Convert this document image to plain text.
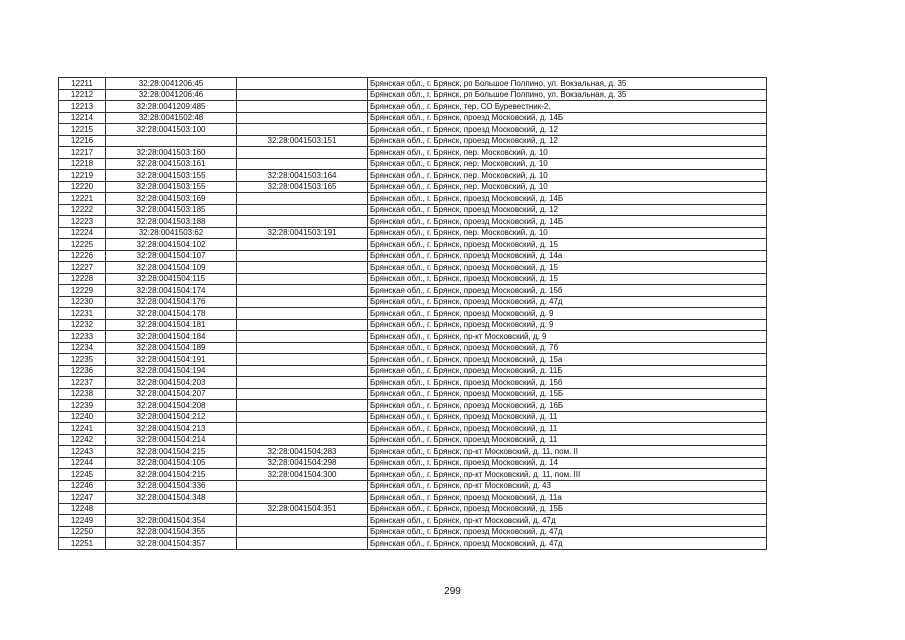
12211	32:28:0041206:45		Брянская обл., г. Брянск, рп Большое Полпино, ул. Вокзальная, д. 35
12212	32:28:0041206:46		Брянская обл., г. Брянск, рп Большое Полпино, ул. Вокзальная, д. 35
12213	32:28:0041209:485		Брянская обл., г. Брянск, тер. СО Буревестник-2,
12214	32:28:0041502:48		Брянская обл., г. Брянск, проезд Московский, д. 14Б
12215	32:28:0041503:100		Брянская обл., г. Брянск, проезд Московский, д. 12
12216		32:28:0041503:151	Брянская обл., г. Брянск, проезд Московский, д. 12
12217	32:28:0041503:160		Брянская обл., г. Брянск, пер. Московский, д. 10
12218	32:28:0041503:161		Брянская обл., г. Брянск, пер. Московский, д. 10
12219	32:28:0041503:155	32:28:0041503:164	Брянская обл., г. Брянск, пер. Московский, д. 10
12220	32:28:0041503:155	32:28:0041503:165	Брянская обл., г. Брянск, пер. Московский, д. 10
12221	32:28:0041503:169		Брянская обл., г. Брянск, проезд Московский, д. 14Б
12222	32:28:0041503:185		Брянская обл., г. Брянск, проезд Московский, д. 12
12223	32:28:0041503:188		Брянская обл., г. Брянск, проезд Московский, д. 14Б
12224	32:28:0041503:62	32:28:0041503:191	Брянская обл., г. Брянск, пер. Московский, д. 10
12225	32:28:0041504:102		Брянская обл., г. Брянск, проезд Московский, д. 15
12226	32:28:0041504:107		Брянская обл., г. Брянск, проезд Московский, д. 14а
12227	32:28:0041504:109		Брянская обл., г. Брянск, проезд Московский, д. 15
12228	32:28:0041504:115		Брянская обл., г. Брянск, проезд Московский, д. 15
12229	32:28:0041504:174		Брянская обл., г. Брянск, проезд Московский, д. 15б
12230	32:28:0041504:176		Брянская обл., г. Брянск, проезд Московский, д. 47д
12231	32:28:0041504:178		Брянская обл., г. Брянск, проезд Московский, д. 9
12232	32:28:0041504:181		Брянская обл., г. Брянск, проезд Московский, д. 9
12233	32:28:0041504:184		Брянская обл., г. Брянск, пр-кт Московский, д. 9
12234	32:28:0041504:189		Брянская обл., г. Брянск, проезд Московский, д. 7б
12235	32:28:0041504:191		Брянская обл., г. Брянск, проезд Московский, д. 15а
12236	32:28:0041504:194		Брянская обл., г. Брянск, проезд Московский, д. 11Б
12237	32:28:0041504:203		Брянская обл., г. Брянск, проезд Московский, д. 15б
12238	32:28:0041504:207		Брянская обл., г. Брянск, проезд Московский, д. 15Б
12239	32:28:0041504:208		Брянская обл., г. Брянск, проезд Московский, д. 16Б
12240	32:28:0041504:212		Брянская обл., г. Брянск, проезд Московский, д. 11
12241	32:28:0041504:213		Брянская обл., г. Брянск, проезд Московский, д. 11
12242	32:28:0041504:214		Брянская обл., г. Брянск, проезд Московский, д. 11
12243	32:28:0041504:215	32:28:0041504:283	Брянская обл., г. Брянск, пр-кт Московский, д. 11, пом. II
12244	32:28:0041504:105	32:28:0041504:298	Брянская обл., г. Брянск, проезд Московский, д. 14
12245	32:28:0041504:215	32:28:0041504:300	Брянская обл., г. Брянск, пр-кт Московский, д. 11, пом. III
12246	32:28:0041504:336		Брянская обл., г. Брянск, пр-кт Московский, д. 43
12247	32:28:0041504:348		Брянская обл., г. Брянск, проезд Московский, д. 11а
12248		32:28:0041504:351	Брянская обл., г. Брянск, проезд Московский, д. 15Б
12249	32:28:0041504:354		Брянская обл., г. Брянск, пр-кт Московский, д. 47д
12250	32:28:0041504:355		Брянская обл., г. Брянск, проезд Московский, д. 47д
12251	32:28:0041504:357		Брянская обл., г. Брянск, проезд Московский, д. 47д
299
